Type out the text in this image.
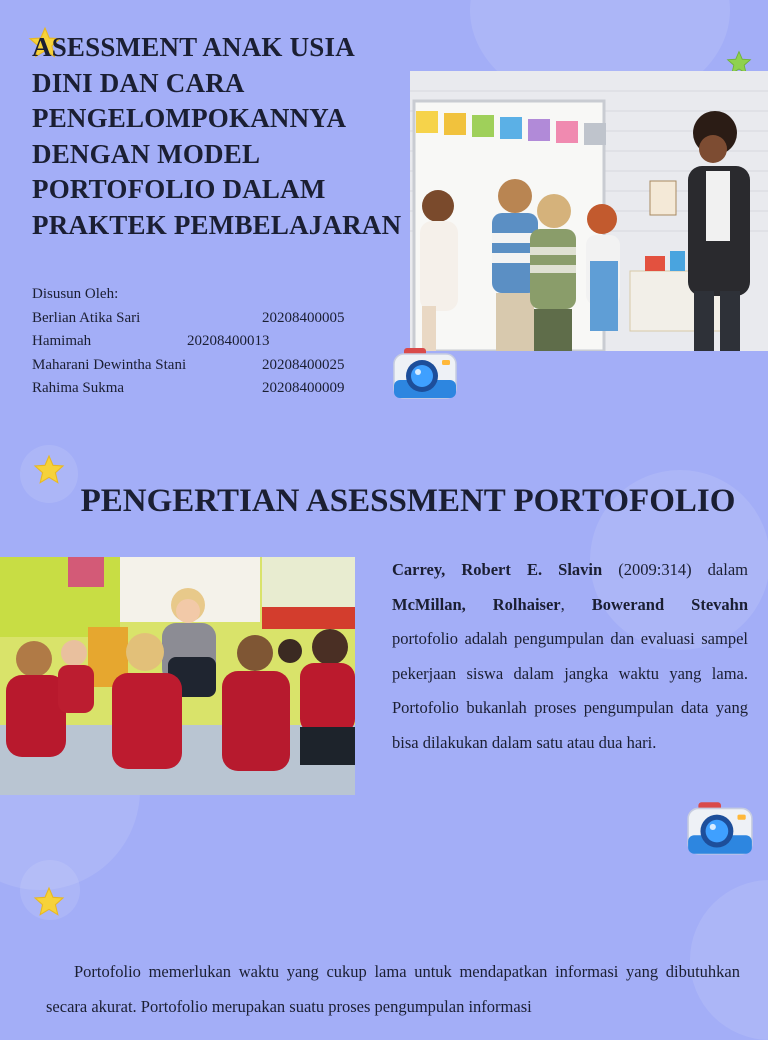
ASESSMENT ANAK USIA DINI DAN CARA PENGELOMPOKANNYA DENGAN MODEL PORTOFOLIO DALAM PRAKTEK PEMBELAJARAN
Disusun Oleh:
Berlian Atika Sari	20208400005
Hamimah	20208400013
Maharani Dewintha Stani	20208400025
Rahima Sukma	20208400009
PENGERTIAN ASESSMENT PORTOFOLIO
Carrey, Robert E. Slavin (2009:314) dalam McMillan, Rolhaiser, Bowerand Stevahn portofolio adalah pengumpulan dan evaluasi sampel pekerjaan siswa dalam jangka waktu yang lama. Portofolio bukanlah proses pengumpulan data yang bisa dilakukan dalam satu atau dua hari.
Portofolio memerlukan waktu yang cukup lama untuk mendapatkan informasi yang dibutuhkan secara akurat. Portofolio merupakan suatu proses pengumpulan informasi
